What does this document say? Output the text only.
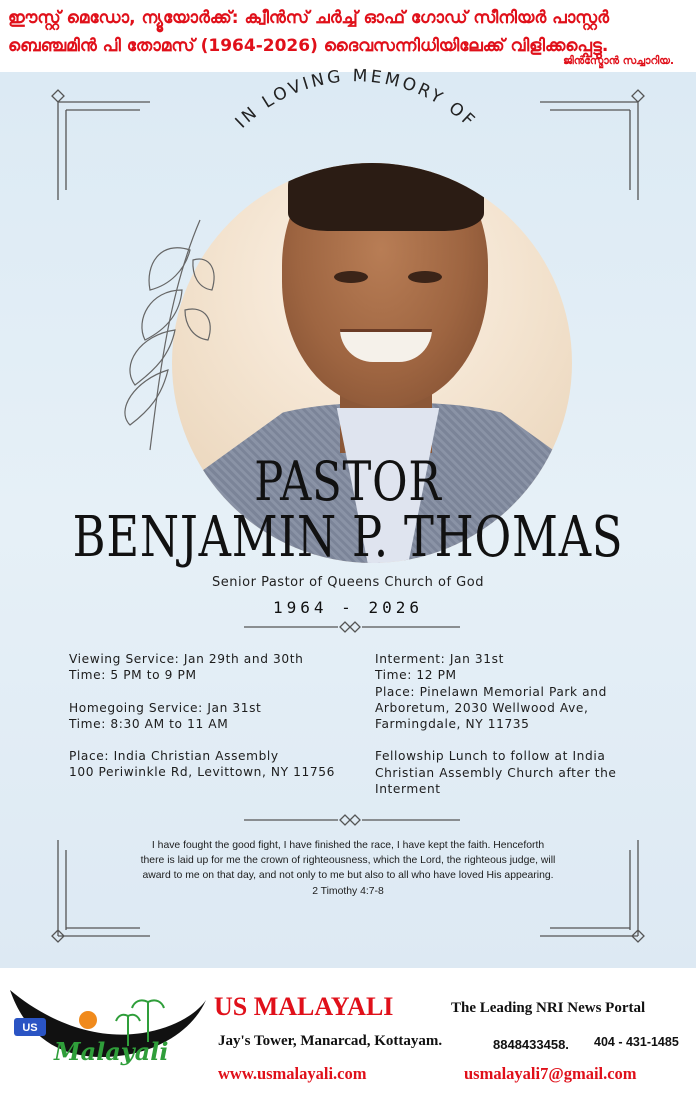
ഈസ്റ്റ് മെഡോ, ന്യൂയോർക്ക്: ക്വീൻസ് ചർച്ച് ഓഫ് ഗോഡ് സീനിയർ പാസ്റ്റർ
ബെഞ്ചമിൻ പി തോമസ് (1964-2026) ദൈവസന്നിധിയിലേക്ക് വിളിക്കപ്പെട്ടു.
ജിൻസ്മോൻ സച്ചാറിയ.
IN LOVING MEMORY OF
PASTOR
BENJAMIN P. THOMAS
Senior Pastor of Queens Church of God
1964 - 2026

Viewing Service: Jan 29th and 30th
Time: 5 PM to 9 PM

Homegoing Service: Jan 31st
Time: 8:30 AM to 11 AM

Place: India Christian Assembly
100 Periwinkle Rd, Levittown, NY 11756

Interment: Jan 31st
Time: 12 PM
Place: Pinelawn Memorial Park and
Arboretum, 2030 Wellwood Ave,
Farmingdale, NY 11735

Fellowship Lunch to follow at India
Christian Assembly Church after the
Interment

I have fought the good fight, I have finished the race, I have kept the faith. Henceforth
there is laid up for me the crown of righteousness, which the Lord, the righteous judge, will
award to me on that day, and not only to me but also to all who have loved His appearing.
2 Timothy 4:7-8
US
Malayali
US MALAYALI	The Leading NRI News Portal
Jay's Tower, Manarcad, Kottayam.	8848433458. 404 - 431-1485
www.usmalayali.com	usmalayali7@gmail.com
